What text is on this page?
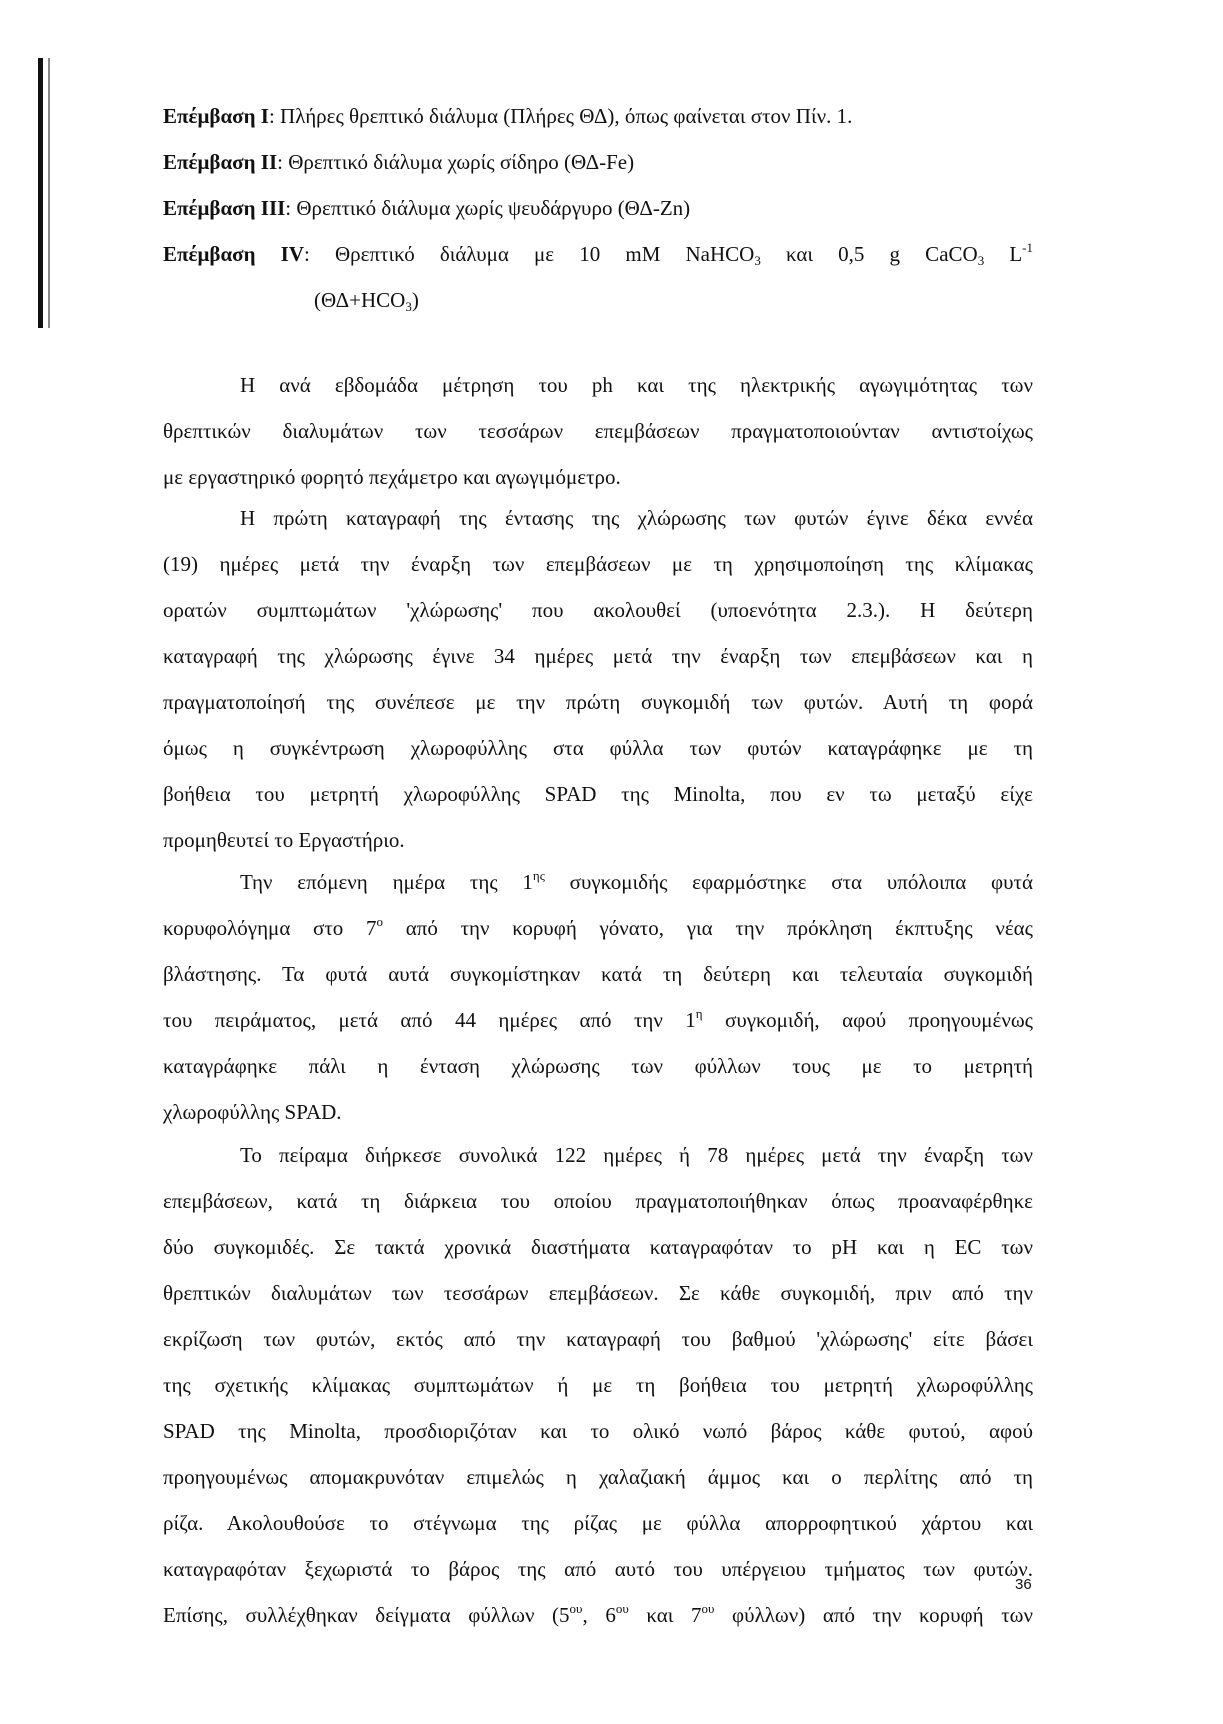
Επέμβαση I: Πλήρες θρεπτικό διάλυμα (Πλήρες ΘΔ), όπως φαίνεται στον Πίν. 1.
Επέμβαση II: Θρεπτικό διάλυμα χωρίς σίδηρο (ΘΔ-Fe)
Επέμβαση III: Θρεπτικό διάλυμα χωρίς ψευδάργυρο (ΘΔ-Zn)
Επέμβαση IV: Θρεπτικό διάλυμα με 10 mM NaHCO$_3$ και 0,5 g CaCO$_3$ $L^{-1}$
$(\Theta\Delta+HCO_3)$
Η ανά εβδομάδα μέτρηση του ph και της ηλεκτρικής αγωγιμότητας των
θρεπτικών διαλυμάτων των τεσσάρων επεμβάσεων πραγματοποιούνταν αντιστοίχως
με εργαστηρικό φορητό πεχάμετρο και αγωγιμόμετρο.
Η πρώτη καταγραφή της έντασης της χλώρωσης των φυτών έγινε δέκα εννέα
(19) ημέρες μετά την έναρξη των επεμβάσεων με τη χρησιμοποίηση της κλίμακας
ορατών συμπτωμάτων 'χλώρωσης' που ακολουθεί (υποενότητα 2.3.). Η δεύτερη
καταγραφή της χλώρωσης έγινε 34 ημέρες μετά την έναρξη των επεμβάσεων και η
πραγματοποίησή της συνέπεσε με την πρώτη συγκομιδή των φυτών. Αυτή τη φορά
όμως η συγκέντρωση χλωροφύλλης στα φύλλα των φυτών καταγράφηκε με τη
βοήθεια του μετρητή χλωροφύλλης SPAD της Minolta, που εν τω μεταξύ είχε
προμηθευτεί το Εργαστήριο.
Την επόμενη ημέρα της $1^{\eta\varsigma}$ συγκομιδής εφαρμόστηκε στα υπόλοιπα φυτά
κορυφολόγημα στο $7^o$ από την κορυφή γόνατο, για την πρόκληση έκπτυξης νέας
βλάστησης. Τα φυτά αυτά συγκομίστηκαν κατά τη δεύτερη και τελευταία συγκομιδή
του πειράματος, μετά από 44 ημέρες από την $1^\eta$ συγκομιδή, αφού προηγουμένως
καταγράφηκε πάλι η ένταση χλώρωσης των φύλλων τους με το μετρητή
χλωροφύλλης SPAD.
Το πείραμα διήρκεσε συνολικά 122 ημέρες ή 78 ημέρες μετά την έναρξη των
επεμβάσεων, κατά τη διάρκεια του οποίου πραγματοποιήθηκαν όπως προαναφέρθηκε
δύο συγκομιδές. Σε τακτά χρονικά διαστήματα καταγραφόταν το pH και η EC των
θρεπτικών διαλυμάτων των τεσσάρων επεμβάσεων. Σε κάθε συγκομιδή, πριν από την
εκρίζωση των φυτών, εκτός από την καταγραφή του βαθμού 'χλώρωσης' είτε βάσει
της σχετικής κλίμακας συμπτωμάτων ή με τη βοήθεια του μετρητή χλωροφύλλης
SPAD της Minolta, προσδιοριζόταν και το ολικό νωπό βάρος κάθε φυτού, αφού
προηγουμένως απομακρυνόταν επιμελώς η χαλαζιακή άμμος και ο περλίτης από τη
ρίζα. Ακολουθούσε το στέγνωμα της ρίζας με φύλλα απορροφητικού χάρτου και
καταγραφόταν ξεχωριστά το βάρος της από αυτό του υπέργειου τμήματος των φυτών.
Επίσης, συλλέχθηκαν δείγματα φύλλων ($5^{o\upsilon}$, $6^{o\upsilon}$ και $7^{o\upsilon}$ φύλλων) από την κορυφή των
36
